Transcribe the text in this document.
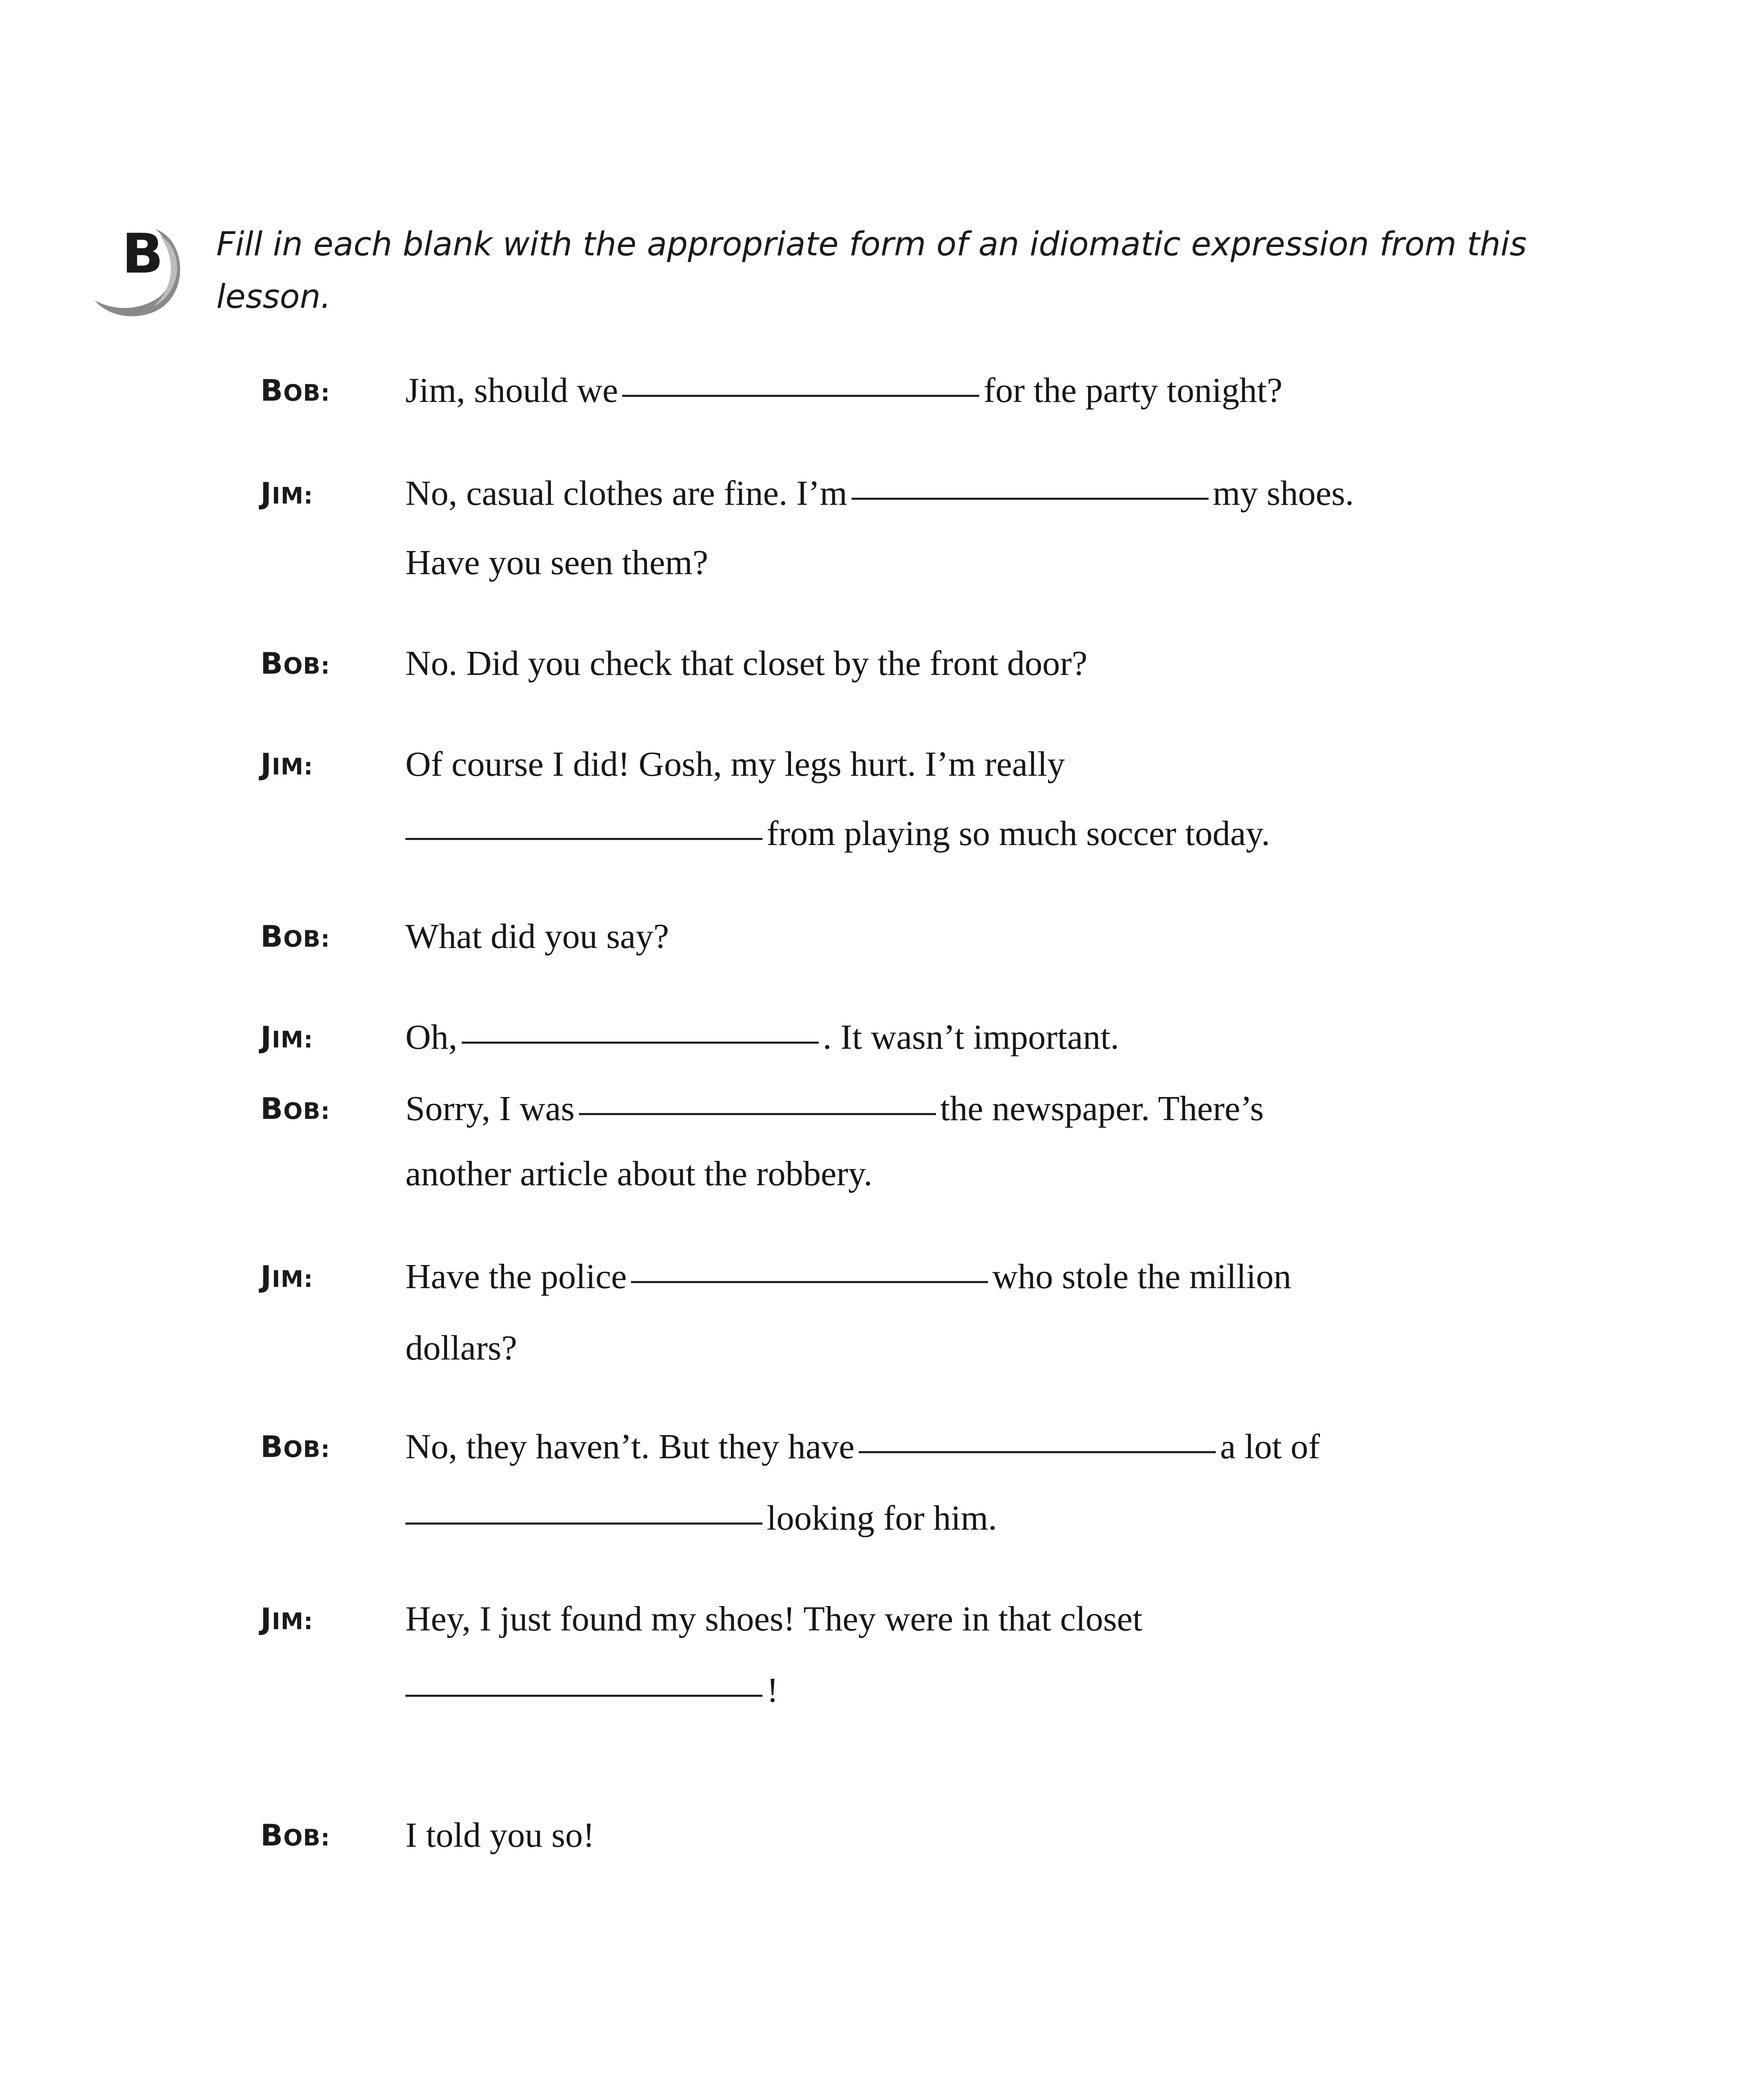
B Fill in each blank with the appropriate form of an idiomatic expression from this lesson.

BOB: Jim, should we	for the party tonight?
JIM:	No, casual clothes are fine. I’m	my shoes.
Have you seen them?
BOB: No. Did you check that closet by the front door?
JIM:	Of course I did! Gosh, my legs hurt. I’m really
from playing so much soccer today.
BOB: What did you say?
JIM:	Oh,	. It wasn’t important.
BOB: Sorry, I was	the newspaper. There’s
another article about the robbery.
JIM:	Have the police	who stole the million
dollars?
BOB: No, they haven’t. But they have	a lot of
looking for him.
JIM:	Hey, I just found my shoes! They were in that closet
!
BOB: I told you so!
